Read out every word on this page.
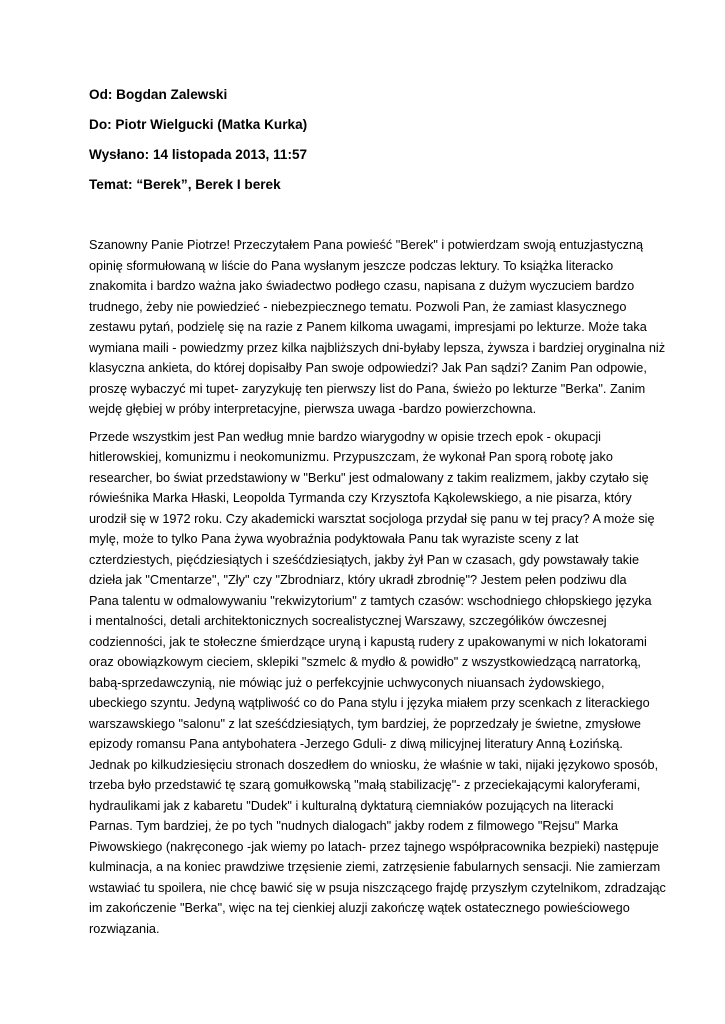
Od: Bogdan Zalewski
Do: Piotr Wielgucki (Matka Kurka)
Wysłano: 14 listopada 2013, 11:57
Temat: “Berek”, Berek I berek

Szanowny Panie Piotrze! Przeczytałem Pana powieść "Berek" i potwierdzam swoją entuzjastyczną
opinię sformułowaną w liście do Pana wysłanym jeszcze podczas lektury. To książka literacko
znakomita i bardzo ważna jako świadectwo podłego czasu, napisana z dużym wyczuciem bardzo
trudnego, żeby nie powiedzieć - niebezpiecznego tematu. Pozwoli Pan, że zamiast klasycznego
zestawu pytań, podzielę się na razie z Panem kilkoma uwagami, impresjami po lekturze. Może taka
wymiana maili - powiedzmy przez kilka najbliższych dni-byłaby lepsza, żywsza i bardziej oryginalna niż
klasyczna ankieta, do której dopisałby Pan swoje odpowiedzi? Jak Pan sądzi? Zanim Pan odpowie,
proszę wybaczyć mi tupet- zaryzykuję ten pierwszy list do Pana, świeżo po lekturze "Berka". Zanim
wejdę głębiej w próby interpretacyjne, pierwsza uwaga -bardzo powierzchowna.

Przede wszystkim jest Pan według mnie bardzo wiarygodny w opisie trzech epok - okupacji
hitlerowskiej, komunizmu i neokomunizmu. Przypuszczam, że wykonał Pan sporą robotę jako
researcher, bo świat przedstawiony w "Berku" jest odmalowany z takim realizmem, jakby czytało się
rówieśnika Marka Hłaski, Leopolda Tyrmanda czy Krzysztofa Kąkolewskiego, a nie pisarza, który
urodził się w 1972 roku. Czy akademicki warsztat socjologa przydał się panu w tej pracy? A może się
mylę, może to tylko Pana żywa wyobraźnia podyktowała Panu tak wyraziste sceny z lat
czterdziestych, pięćdziesiątych i sześćdziesiątych, jakby żył Pan w czasach, gdy powstawały takie
dzieła jak "Cmentarze", "Zły" czy "Zbrodniarz, który ukradł zbrodnię"? Jestem pełen podziwu dla
Pana talentu w odmalowywaniu "rekwizytorium" z tamtych czasów: wschodniego chłopskiego języka
i mentalności, detali architektonicznych socrealistycznej Warszawy, szczegółików ówczesnej
codzienności, jak te stołeczne śmierdzące uryną i kapustą rudery z upakowanymi w nich lokatorami
oraz obowiązkowym cieciem, sklepiki "szmelc & mydło & powidło" z wszystkowiedzącą narratorką,
babą-sprzedawczynią, nie mówiąc już o perfekcyjnie uchwyconych niuansach żydowskiego,
ubeckiego szyntu. Jedyną wątpliwość co do Pana stylu i języka miałem przy scenkach z literackiego
warszawskiego "salonu" z lat sześćdziesiątych, tym bardziej, że poprzedzały je świetne, zmysłowe
epizody romansu Pana antybohatera -Jerzego Gduli- z diwą milicyjnej literatury Anną Łozińską.
Jednak po kilkudziesięciu stronach doszedłem do wniosku, że właśnie w taki, nijaki językowo sposób,
trzeba było przedstawić tę szarą gomułkowską "małą stabilizację"- z przeciekającymi kaloryferami,
hydraulikami jak z kabaretu "Dudek" i kulturalną dyktaturą ciemniaków pozujących na literacki
Parnas. Tym bardziej, że po tych "nudnych dialogach" jakby rodem z filmowego "Rejsu" Marka
Piwowskiego (nakręconego -jak wiemy po latach- przez tajnego współpracownika bezpieki) następuje
kulminacja, a na koniec prawdziwe trzęsienie ziemi, zatrzęsienie fabularnych sensacji. Nie zamierzam
wstawiać tu spoilera, nie chcę bawić się w psuja niszczącego frajdę przyszłym czytelnikom, zdradzając
im zakończenie "Berka", więc na tej cienkiej aluzji zakończę wątek ostatecznego powieściowego
rozwiązania.
